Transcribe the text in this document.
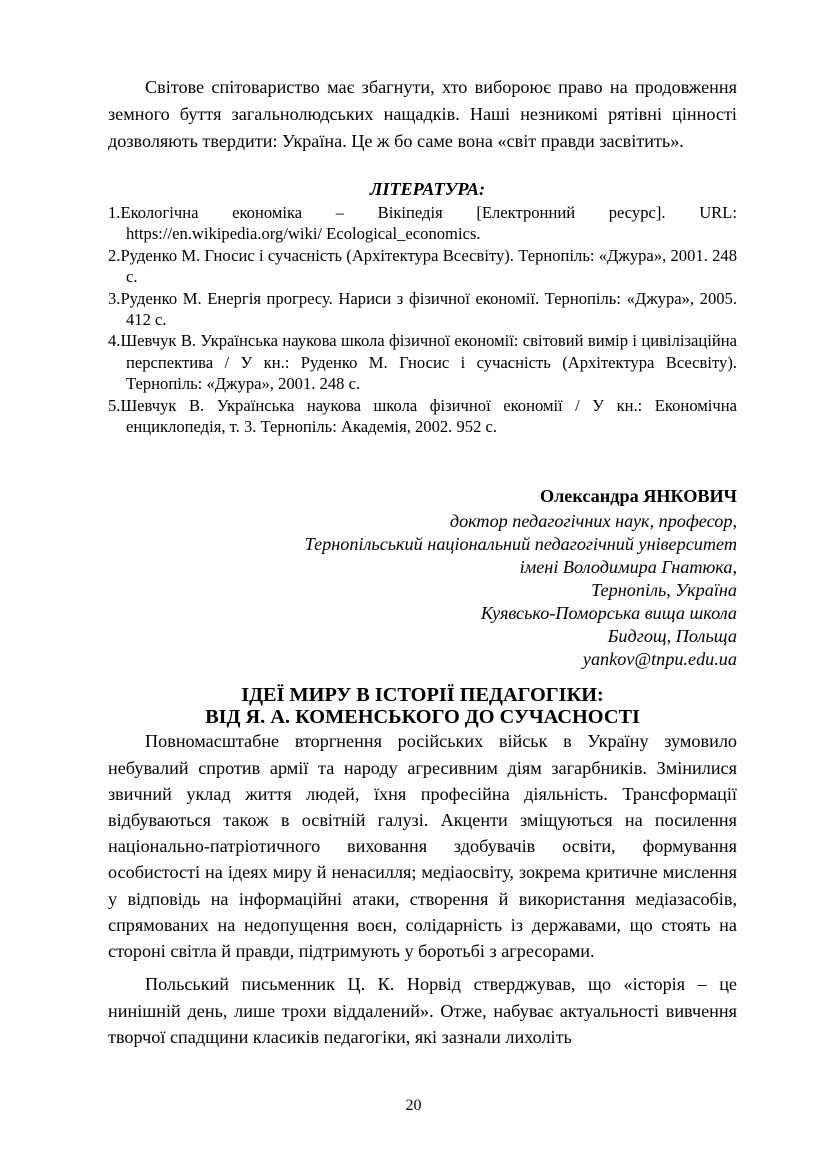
Світове спітовариство має збагнути, хто вибороює право на продовження земного буття загальнолюдських нащадків. Наші незникомі рятівні цінності дозволяють твердити: Україна. Це ж бо саме вона «світ правди засвітить».

ЛІТЕРАТУРА:
1.Екологічна економіка – Вікіпедія [Електронний ресурс]. URL: https://en.wikipedia.org/wiki/ Ecological_economics.
2.Руденко М. Гносис і сучасність (Архітектура Всесвіту). Тернопіль: «Джура», 2001. 248 с.
3.Руденко М. Енергія прогресу. Нариси з фізичної економії. Тернопіль: «Джура», 2005. 412 с.
4.Шевчук В. Українська наукова школа фізичної економії: світовий вимір і цивілізаційна перспектива / У кн.: Руденко М. Гносис і сучасність (Архітектура Всесвіту). Тернопіль: «Джура», 2001. 248 с.
5.Шевчук В. Українська наукова школа фізичної економії / У кн.: Економічна енциклопедія, т. 3. Тернопіль: Академія, 2002. 952 с.
Олександра ЯНКОВИЧ
доктор педагогічних наук, професор,
Тернопільський національний педагогічний університет
імені Володимира Гнатюка,
Тернопіль, Україна
Куявсько-Поморська вища школа
Бидгощ, Польща
yankov@tnpu.edu.ua
ІДЕЇ МИРУ В ІСТОРІЇ ПЕДАГОГІКИ:
ВІД Я. А. КОМЕНСЬКОГО ДО СУЧАСНОСТІ

Повномасштабне вторгнення російських військ в Україну зумовило небувалий спротив армії та народу агресивним діям загарбників. Змінилися звичний уклад життя людей, їхня професійна діяльність. Трансформації відбуваються також в освітній галузі. Акценти зміщуються на посилення національно-патріотичного виховання здобувачів освіти, формування особистості на ідеях миру й ненасилля; медіаосвіту, зокрема критичне мислення у відповідь на інформаційні атаки, створення й використання медіазасобів, спрямованих на недопущення воєн, солідарність із державами, що стоять на стороні світла й правди, підтримують у боротьбі з агресорами.

Польський письменник Ц. К. Норвід стверджував, що «історія – це нинішній день, лише трохи віддалений». Отже, набуває актуальності вивчення творчої спадщини класиків педагогіки, які зазнали лихоліть

20
